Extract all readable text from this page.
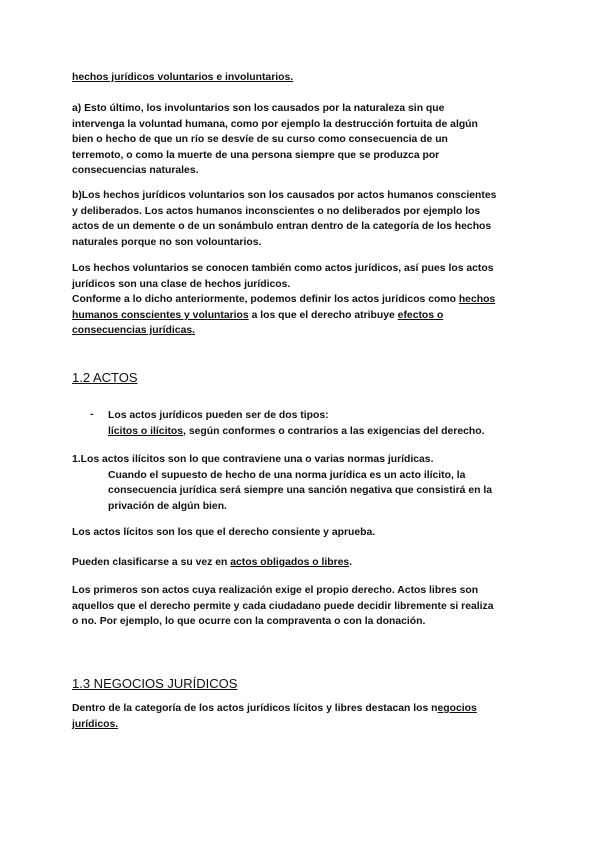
hechos jurídicos voluntarios e involuntarios.

a) Esto último, los involuntarios son los causados por la naturaleza sin que
intervenga la voluntad humana, como por ejemplo la destrucción fortuita de algún
bien o hecho de que un río se desvíe de su curso como consecuencia de un
terremoto, o como la muerte de una persona siempre que se produzca por
consecuencias naturales.

b)Los hechos jurídicos voluntarios son los causados por actos humanos conscientes
y deliberados. Los actos humanos inconscientes o no deliberados por ejemplo los
actos de un demente o de un sonámbulo entran dentro de la categoría de los hechos
naturales porque no son volountarios.

Los hechos voluntarios se conocen también como actos jurídicos, así pues los actos
jurídicos son una clase de hechos jurídicos.

Conforme a lo dicho anteriormente, podemos definir los actos jurídicos como hechos
humanos conscientes y voluntarios a los que el derecho atribuye efectos o
consecuencias jurídicas.

1.2 ACTOS
- Los actos jurídicos pueden ser de dos tipos:
lícitos o ilícitos, según conformes o contrarios a las exigencias del derecho.

1.Los actos ilícitos son lo que contraviene una o varias normas jurídicas.
Cuando el supuesto de hecho de una norma jurídica es un acto ilícito, la
consecuencia jurídica será siempre una sanción negativa que consistirá en la
privación de algún bien.

Los actos lícitos son los que el derecho consiente y aprueba.

Pueden clasificarse a su vez en actos obligados o libres.

Los primeros son actos cuya realización exige el propio derecho. Actos libres son
aquellos que el derecho permite y cada ciudadano puede decidir libremente si realiza
o no. Por ejemplo, lo que ocurre con la compraventa o con la donación.

1.3 NEGOCIOS JURÍDICOS

Dentro de la categoría de los actos jurídicos lícitos y libres destacan los negocios
jurídicos.
